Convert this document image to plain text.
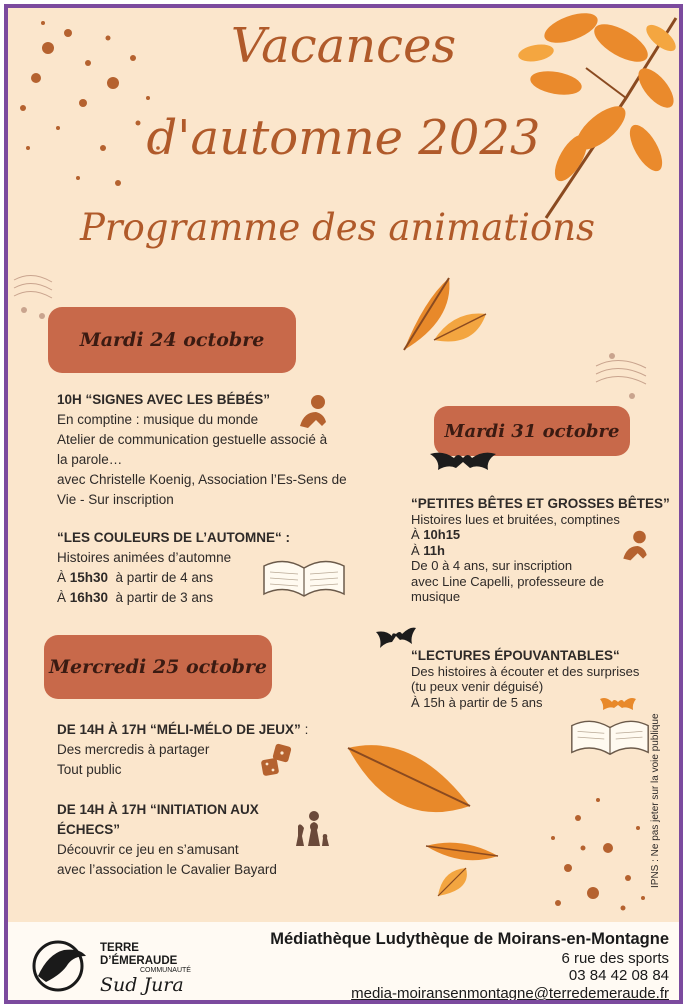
Vacances
d'automne 2023
Programme des animations
Mardi 24 octobre
10H “SIGNES AVEC LES BÉBÉS”
En comptine : musique du monde
Atelier de communication gestuelle associé à
la parole…
avec Christelle Koenig, Association l’Es-Sens de
Vie - Sur inscription
“LES COULEURS DE L’AUTOMNE“ :
Histoires animées d’automne
À 15h30  à partir de 4 ans
À 16h30  à partir de 3 ans
Mardi 31 octobre
“PETITES BÊTES ET GROSSES BÊTES”
Histoires lues et bruitées, comptines
À 10h15
À 11h
De 0 à 4 ans, sur inscription
avec Line Capelli, professeure de
musique
Mercredi 25 octobre
“LECTURES ÉPOUVANTABLES“
Des histoires à écouter et des surprises
(tu peux venir déguisé)
À 15h à partir de 5 ans
DE 14H À 17H “MÉLI-MÉLO DE JEUX” :
Des mercredis à partager
Tout public
DE 14H À 17H “INITIATION AUX
ÉCHECS”
Découvrir ce jeu en s’amusant
avec l’association le Cavalier Bayard	IPNS : Ne pas jeter sur la voie publique
TERRE
D’ÉMERAUDE
COMMUNAUTÉ
Sud Jura
Médiathèque Ludythèque de Moirans-en-Montagne
6 rue des sports
03 84 42 08 84
media-moiransenmontagne@terredemeraude.fr
